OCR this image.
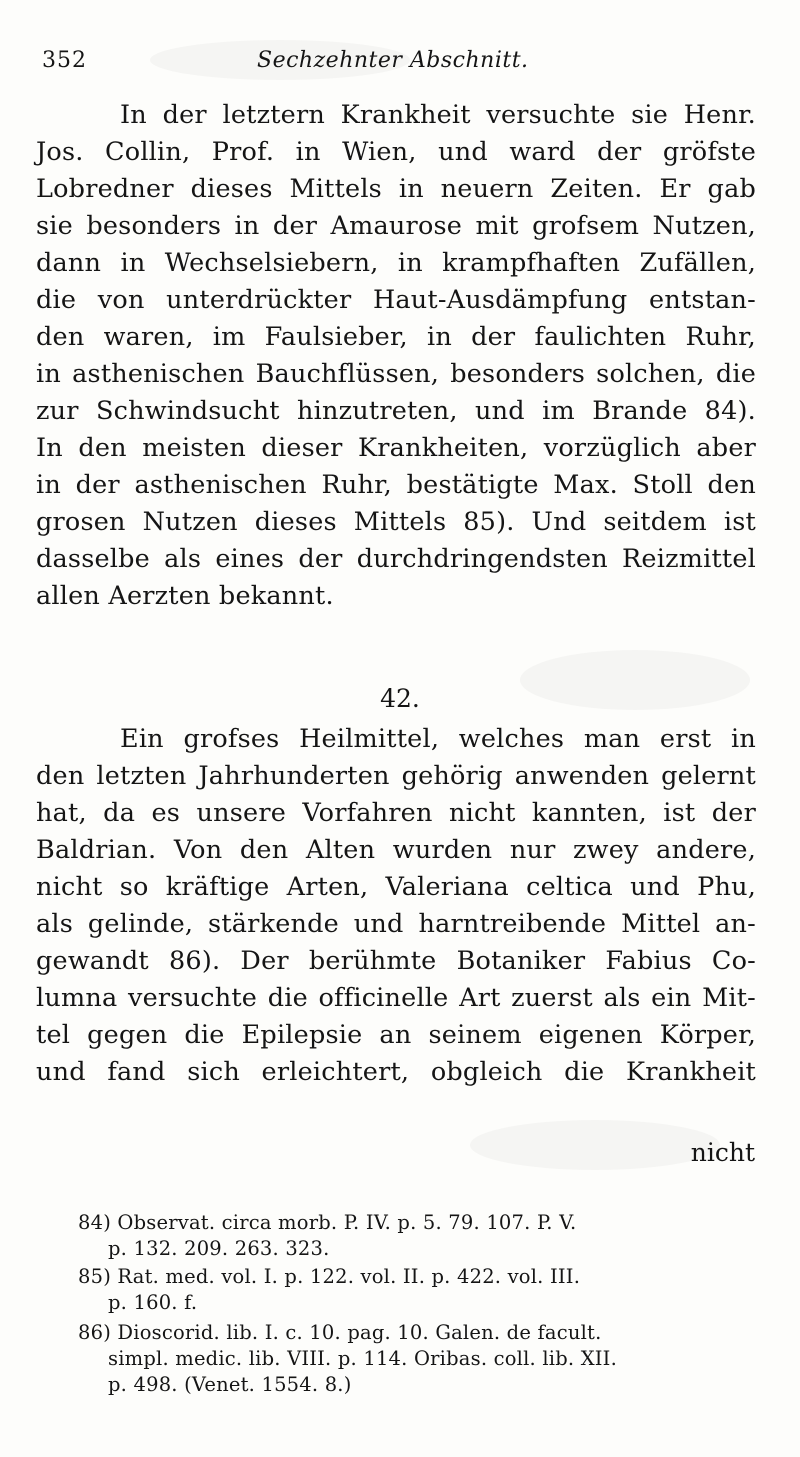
352	Sechzehnter Abschnitt.
In der letztern Krankheit versuchte sie Henr.
Jos. Collin, Prof. in Wien, und ward der gröfste
Lobredner dieses Mittels in neuern Zeiten. Er gab
sie besonders in der Amaurose mit grofsem Nutzen,
dann in Wechselsiebern, in krampfhaften Zufällen,
die von unterdrückter Haut-Ausdämpfung entstan-
den waren, im Faulsieber, in der faulichten Ruhr,
in asthenischen Bauchflüssen, besonders solchen, die
zur Schwindsucht hinzutreten, und im Brande 84).
In den meisten dieser Krankheiten, vorzüglich aber
in der asthenischen Ruhr, bestätigte Max. Stoll den
grosen Nutzen dieses Mittels 85). Und seitdem ist
dasselbe als eines der durchdringendsten Reizmittel
allen Aerzten bekannt.
Ein grofses Heilmittel, welches man erst in
den letzten Jahrhunderten gehörig anwenden gelernt
hat, da es unsere Vorfahren nicht kannten, ist der
Baldrian. Von den Alten wurden nur zwey andere,
nicht so kräftige Arten, Valeriana celtica und Phu,
als gelinde, stärkende und harntreibende Mittel an-
gewandt 86). Der berühmte Botaniker Fabius Co-
lumna versuchte die officinelle Art zuerst als ein Mit-
tel gegen die Epilepsie an seinem eigenen Körper,
und fand sich erleichtert, obgleich die Krankheit
42.
nicht
84) Observat. circa morb. P. IV. p. 5. 79. 107. P. V.
p. 132. 209. 263. 323.
85) Rat. med. vol. I. p. 122. vol. II. p. 422. vol. III.
p. 160. f.
86) Dioscorid. lib. I. c. 10. pag. 10. Galen. de facult.
simpl. medic. lib. VIII. p. 114. Oribas. coll. lib. XII.
p. 498. (Venet. 1554. 8.)
